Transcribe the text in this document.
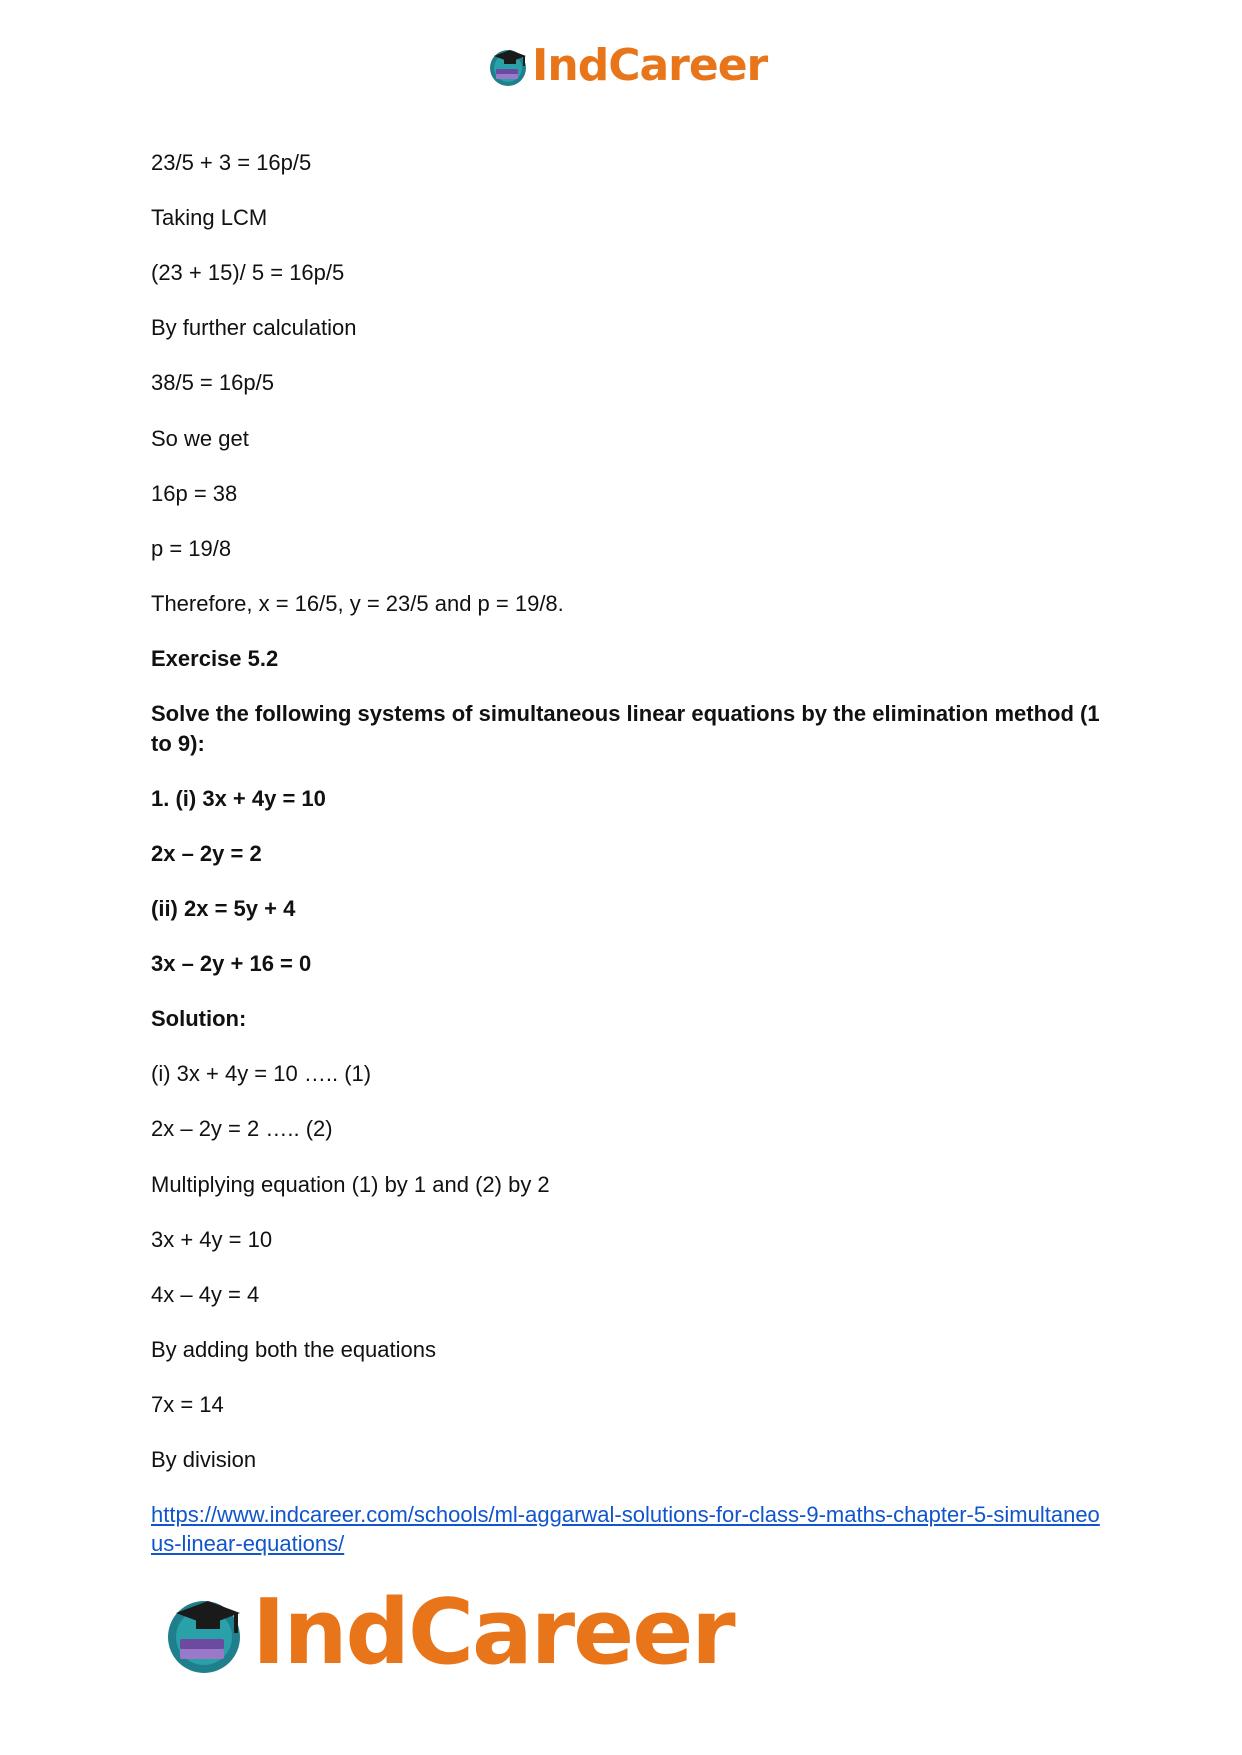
IndCareer

23/5 + 3 = 16p/5

Taking LCM

(23 + 15)/ 5 = 16p/5

By further calculation

38/5 = 16p/5

So we get

16p = 38

p = 19/8

Therefore, x = 16/5, y = 23/5 and p = 19/8.

Exercise 5.2

Solve the following systems of simultaneous linear equations by the elimination method (1 to 9):

1. (i) 3x + 4y = 10

2x – 2y = 2

(ii) 2x = 5y + 4

3x – 2y + 16 = 0

Solution:

(i) 3x + 4y = 10 ….. (1)

2x – 2y = 2 ….. (2)

Multiplying equation (1) by 1 and (2) by 2

3x + 4y = 10

4x – 4y = 4

By adding both the equations

7x = 14

By division

https://www.indcareer.com/schools/ml-aggarwal-solutions-for-class-9-maths-chapter-5-simultaneous-linear-equations/
IndCareer
